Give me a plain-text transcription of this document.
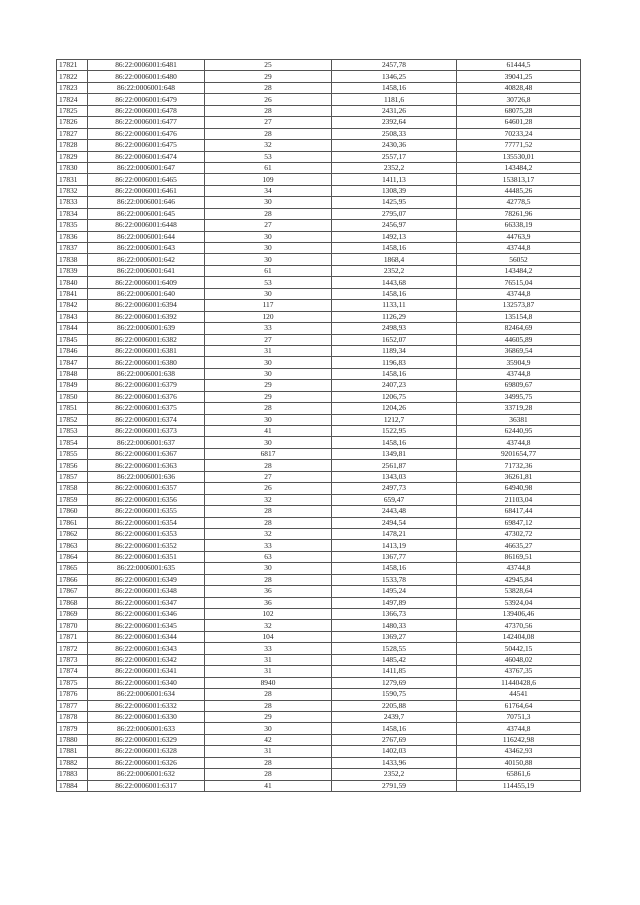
17821	86:22:0006001:6481	25	2457,78	61444,5
17822	86:22:0006001:6480	29	1346,25	39041,25
17823	86:22:0006001:648	28	1458,16	40828,48
17824	86:22:0006001:6479	26	1181,6	30726,8
17825	86:22:0006001:6478	28	2431,26	68075,28
17826	86:22:0006001:6477	27	2392,64	64601,28
17827	86:22:0006001:6476	28	2508,33	70233,24
17828	86:22:0006001:6475	32	2430,36	77771,52
17829	86:22:0006001:6474	53	2557,17	135530,01
17830	86:22:0006001:647	61	2352,2	143484,2
17831	86:22:0006001:6465	109	1411,13	153813,17
17832	86:22:0006001:6461	34	1308,39	44485,26
17833	86:22:0006001:646	30	1425,95	42778,5
17834	86:22:0006001:645	28	2795,07	78261,96
17835	86:22:0006001:6448	27	2456,97	66338,19
17836	86:22:0006001:644	30	1492,13	44763,9
17837	86:22:0006001:643	30	1458,16	43744,8
17838	86:22:0006001:642	30	1868,4	56052
17839	86:22:0006001:641	61	2352,2	143484,2
17840	86:22:0006001:6409	53	1443,68	76515,04
17841	86:22:0006001:640	30	1458,16	43744,8
17842	86:22:0006001:6394	117	1133,11	132573,87
17843	86:22:0006001:6392	120	1126,29	135154,8
17844	86:22:0006001:639	33	2498,93	82464,69
17845	86:22:0006001:6382	27	1652,07	44605,89
17846	86:22:0006001:6381	31	1189,34	36869,54
17847	86:22:0006001:6380	30	1196,83	35904,9
17848	86:22:0006001:638	30	1458,16	43744,8
17849	86:22:0006001:6379	29	2407,23	69809,67
17850	86:22:0006001:6376	29	1206,75	34995,75
17851	86:22:0006001:6375	28	1204,26	33719,28
17852	86:22:0006001:6374	30	1212,7	36381
17853	86:22:0006001:6373	41	1522,95	62440,95
17854	86:22:0006001:637	30	1458,16	43744,8
17855	86:22:0006001:6367	6817	1349,81	9201654,77
17856	86:22:0006001:6363	28	2561,87	71732,36
17857	86:22:0006001:636	27	1343,03	36261,81
17858	86:22:0006001:6357	26	2497,73	64940,98
17859	86:22:0006001:6356	32	659,47	21103,04
17860	86:22:0006001:6355	28	2443,48	68417,44
17861	86:22:0006001:6354	28	2494,54	69847,12
17862	86:22:0006001:6353	32	1478,21	47302,72
17863	86:22:0006001:6352	33	1413,19	46635,27
17864	86:22:0006001:6351	63	1367,77	86169,51
17865	86:22:0006001:635	30	1458,16	43744,8
17866	86:22:0006001:6349	28	1533,78	42945,84
17867	86:22:0006001:6348	36	1495,24	53828,64
17868	86:22:0006001:6347	36	1497,89	53924,04
17869	86:22:0006001:6346	102	1366,73	139406,46
17870	86:22:0006001:6345	32	1480,33	47370,56
17871	86:22:0006001:6344	104	1369,27	142404,08
17872	86:22:0006001:6343	33	1528,55	50442,15
17873	86:22:0006001:6342	31	1485,42	46048,02
17874	86:22:0006001:6341	31	1411,85	43767,35
17875	86:22:0006001:6340	8940	1279,69	11440428,6
17876	86:22:0006001:634	28	1590,75	44541
17877	86:22:0006001:6332	28	2205,88	61764,64
17878	86:22:0006001:6330	29	2439,7	70751,3
17879	86:22:0006001:633	30	1458,16	43744,8
17880	86:22:0006001:6329	42	2767,69	116242,98
17881	86:22:0006001:6328	31	1402,03	43462,93
17882	86:22:0006001:6326	28	1433,96	40150,88
17883	86:22:0006001:632	28	2352,2	65861,6
17884	86:22:0006001:6317	41	2791,59	114455,19
